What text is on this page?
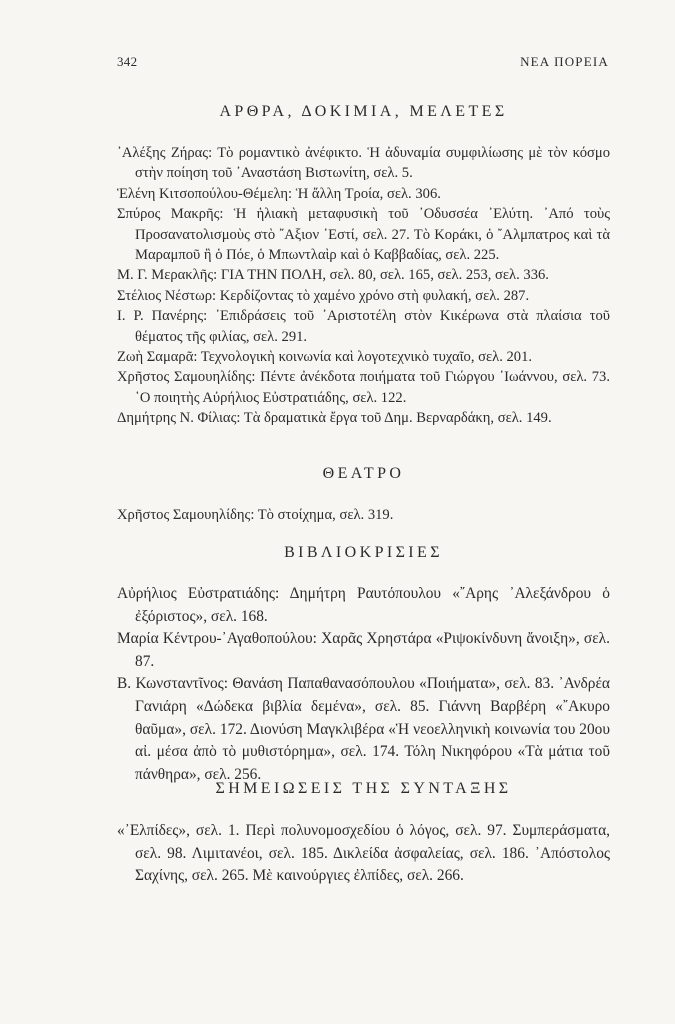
342	ΝΕΑ ΠΟΡΕΙΑ
ΑΡΘΡΑ, ΔΟΚΙΜΙΑ, ΜΕΛΕΤΕΣ

᾿Αλέξης Ζήρας: Τὸ ρομαντικὸ ἀνέφικτο. Ἡ ἀδυναμία συμφιλίωσης μὲ τὸν κόσμο στὴν ποίηση τοῦ ᾿Αναστάση Βιστωνίτη, σελ. 5.

Ἑλένη Κιτσοπούλου-Θέμελη: Ἡ ἄλλη Τροία, σελ. 306.

Σπύρος Μακρῆς: Ἡ ἡλιακὴ μεταφυσικὴ τοῦ ᾿Οδυσσέα ᾿Ελύτη. ᾿Από τοὺς Προσανατολισμοὺς στὸ ῎Αξιον ᾿Εστί, σελ. 27. Τὸ Κοράκι, ὁ ῎Αλμπατρος καὶ τὰ Μαραμποῦ ἢ ὁ Πόε, ὁ Μπωντλαὶρ καὶ ὁ Καββαδίας, σελ. 225.

Μ. Γ. Μερακλῆς: ΓΙΑ ΤΗΝ ΠΟΛΗ, σελ. 80, σελ. 165, σελ. 253, σελ. 336.

Στέλιος Νέστωρ: Κερδίζοντας τὸ χαμένο χρόνο στὴ φυλακή, σελ. 287.

Ι. Ρ. Πανέρης: ᾿Επιδράσεις τοῦ ᾿Αριστοτέλη στὸν Κικέρωνα στὰ πλαίσια τοῦ θέματος τῆς φιλίας, σελ. 291.

Ζωὴ Σαμαρᾶ: Τεχνολογικὴ κοινωνία καὶ λογοτεχνικὸ τυχαῖο, σελ. 201.

Χρῆστος Σαμουηλίδης: Πέντε ἀνέκδοτα ποιήματα τοῦ Γιώργου ᾿Ιωάννου, σελ. 73. ῾Ο ποιητὴς Αὐρήλιος Εὐστρατιάδης, σελ. 122.

Δημήτρης Ν. Φίλιας: Τὰ δραματικὰ ἔργα τοῦ Δημ. Βερναρδάκη, σελ. 149.

ΘΕΑΤΡΟ

Χρῆστος Σαμουηλίδης: Τὸ στοίχημα, σελ. 319.

ΒΙΒΛΙΟΚΡΙΣΙΕΣ

Αὐρήλιος Εὐστρατιάδης: Δημήτρη Ραυτόπουλου «῎Αρης ᾿Αλεξάνδρου ὁ ἐξόριστος», σελ. 168.

Μαρία Κέντρου-᾿Αγαθοπούλου: Χαρᾶς Χρηστάρα «Ριψοκίνδυνη ἄνοιξη», σελ. 87.

Β. Κωνσταντῖνος: Θανάση Παπαθανασόπουλου «Ποιήματα», σελ. 83. ᾿Ανδρέα Γανιάρη «Δώδεκα βιβλία δεμένα», σελ. 85. Γιάννη Βαρβέρη «῎Ακυρο θαῦμα», σελ. 172. Διονύση Μαγκλιβέρα «Ἡ νεοελληνικὴ κοινωνία του 20ου αἰ. μέσα ἀπὸ τὸ μυθιστόρημα», σελ. 174. Τόλη Νικηφόρου «Τὰ μάτια τοῦ πάνθηρα», σελ. 256.

ΣΗΜΕΙΩΣΕΙΣ ΤΗΣ ΣΥΝΤΑΞΗΣ

«᾿Ελπίδες», σελ. 1. Περὶ πολυνομοσχεδίου ὁ λόγος, σελ. 97. Συμπεράσματα, σελ. 98. Λιμιτανέοι, σελ. 185. Δικλείδα ἀσφαλείας, σελ. 186. ᾿Απόστολος Σαχίνης, σελ. 265. Μὲ καινούργιες ἐλπίδες, σελ. 266.
